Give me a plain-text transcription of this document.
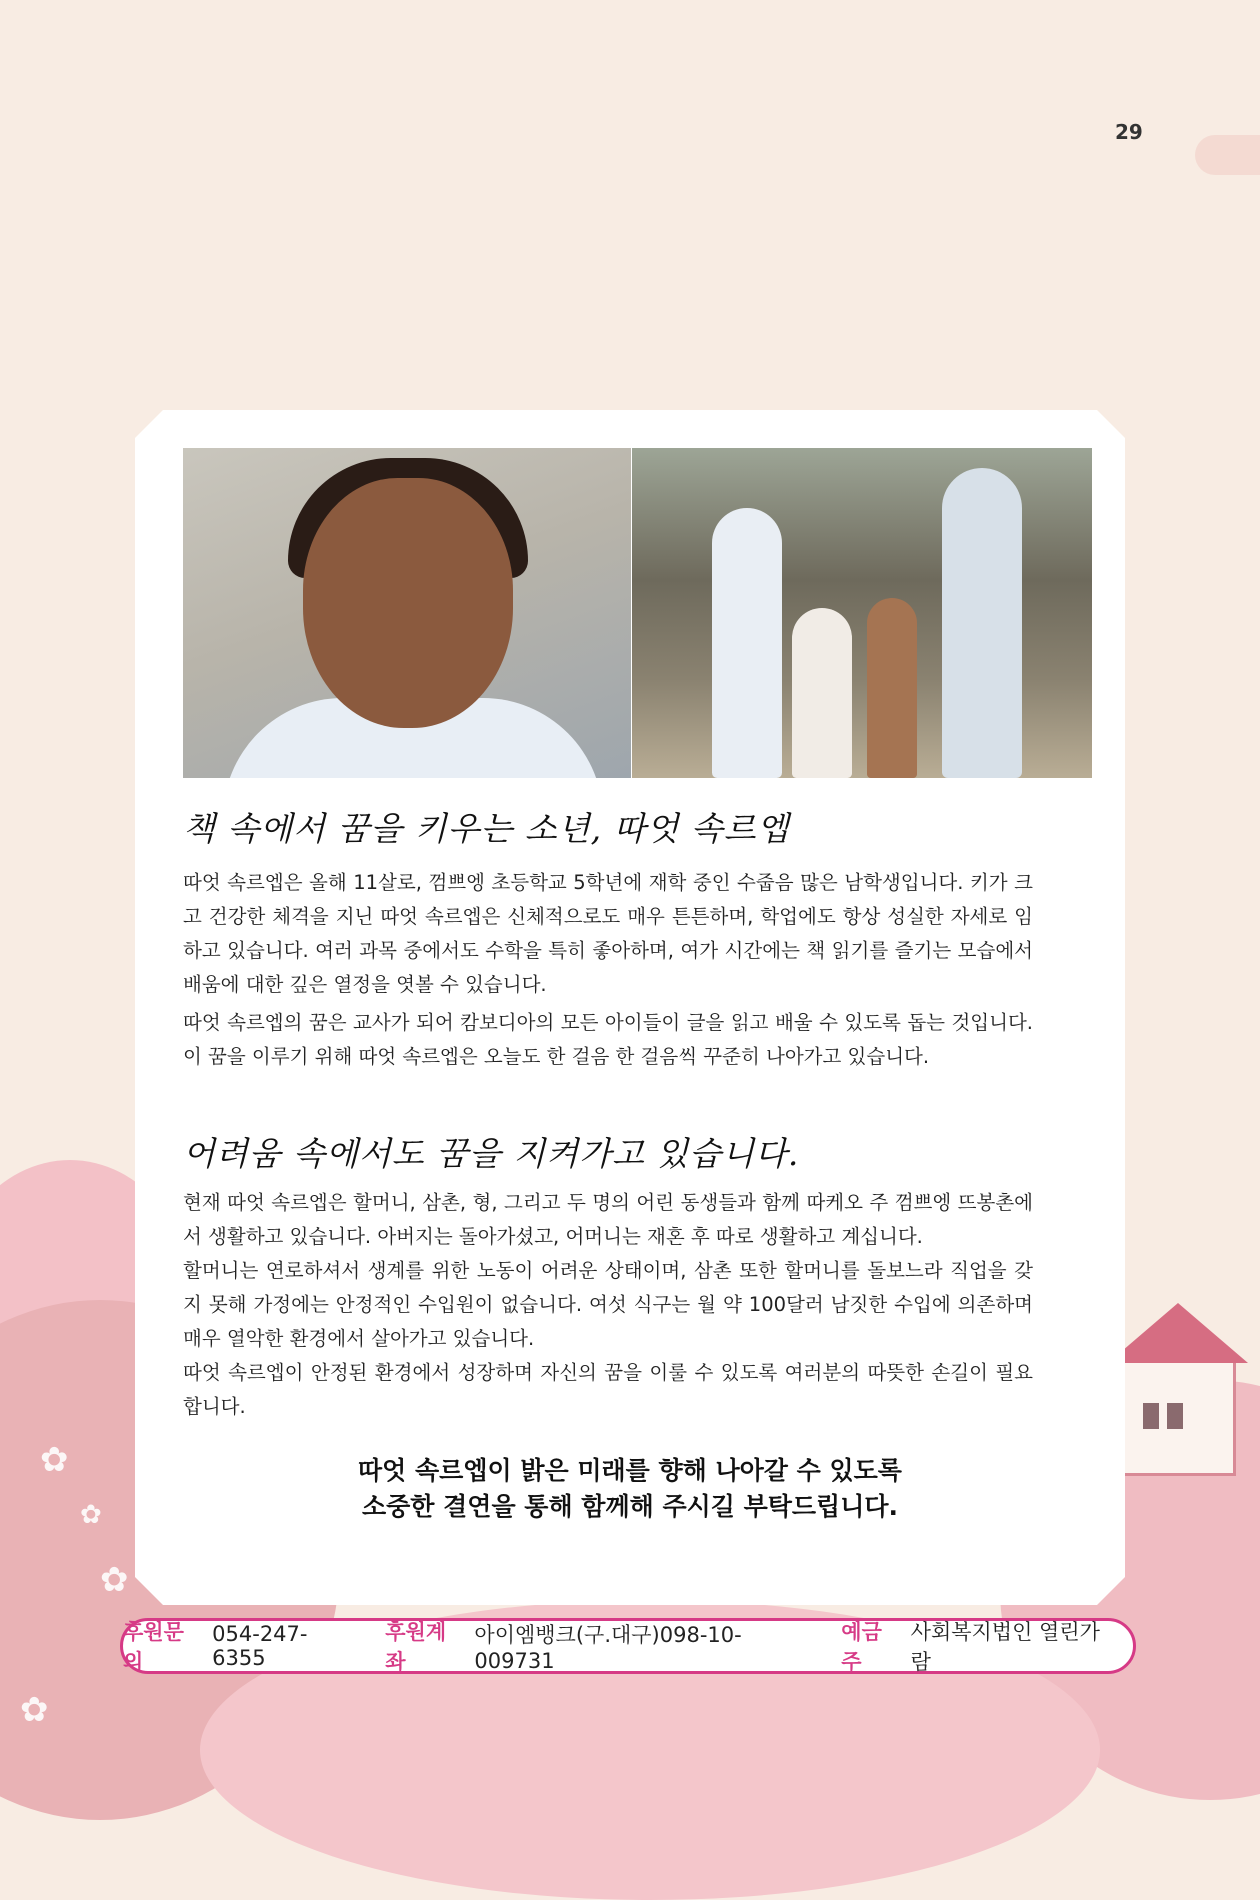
✿
✿
✿
✿
29
책 속에서 꿈을 키우는 소년, 따엇 속르엡

따엇 속르엡은 올해 11살로, 껌쁘엥 초등학교 5학년에 재학 중인 수줍음 많은 남학생입니다. 키가 크고 건강한 체격을 지닌 따엇 속르엡은 신체적으로도 매우 튼튼하며, 학업에도 항상 성실한 자세로 임하고 있습니다. 여러 과목 중에서도 수학을 특히 좋아하며, 여가 시간에는 책 읽기를 즐기는 모습에서 배움에 대한 깊은 열정을 엿볼 수 있습니다.

따엇 속르엡의 꿈은 교사가 되어 캄보디아의 모든 아이들이 글을 읽고 배울 수 있도록 돕는 것입니다. 이 꿈을 이루기 위해 따엇 속르엡은 오늘도 한 걸음 한 걸음씩 꾸준히 나아가고 있습니다.

어려움 속에서도 꿈을 지켜가고 있습니다.

현재 따엇 속르엡은 할머니, 삼촌, 형, 그리고 두 명의 어린 동생들과 함께 따케오 주 껌쁘엥 뜨봉촌에서 생활하고 있습니다. 아버지는 돌아가셨고, 어머니는 재혼 후 따로 생활하고 계십니다.

할머니는 연로하셔서 생계를 위한 노동이 어려운 상태이며, 삼촌 또한 할머니를 돌보느라 직업을 갖지 못해 가정에는 안정적인 수입원이 없습니다. 여섯 식구는 월 약 100달러 남짓한 수입에 의존하며 매우 열악한 환경에서 살아가고 있습니다.

따엇 속르엡이 안정된 환경에서 성장하며 자신의 꿈을 이룰 수 있도록 여러분의 따뜻한 손길이 필요합니다.

따엇 속르엡이 밝은 미래를 향해 나아갈 수 있도록
소중한 결연을 통해 함께해 주시길 부탁드립니다.
후원문의
054-247-6355
후원계좌
아이엠뱅크(구.대구)098-10-009731
예금주
사회복지법인 열린가람
